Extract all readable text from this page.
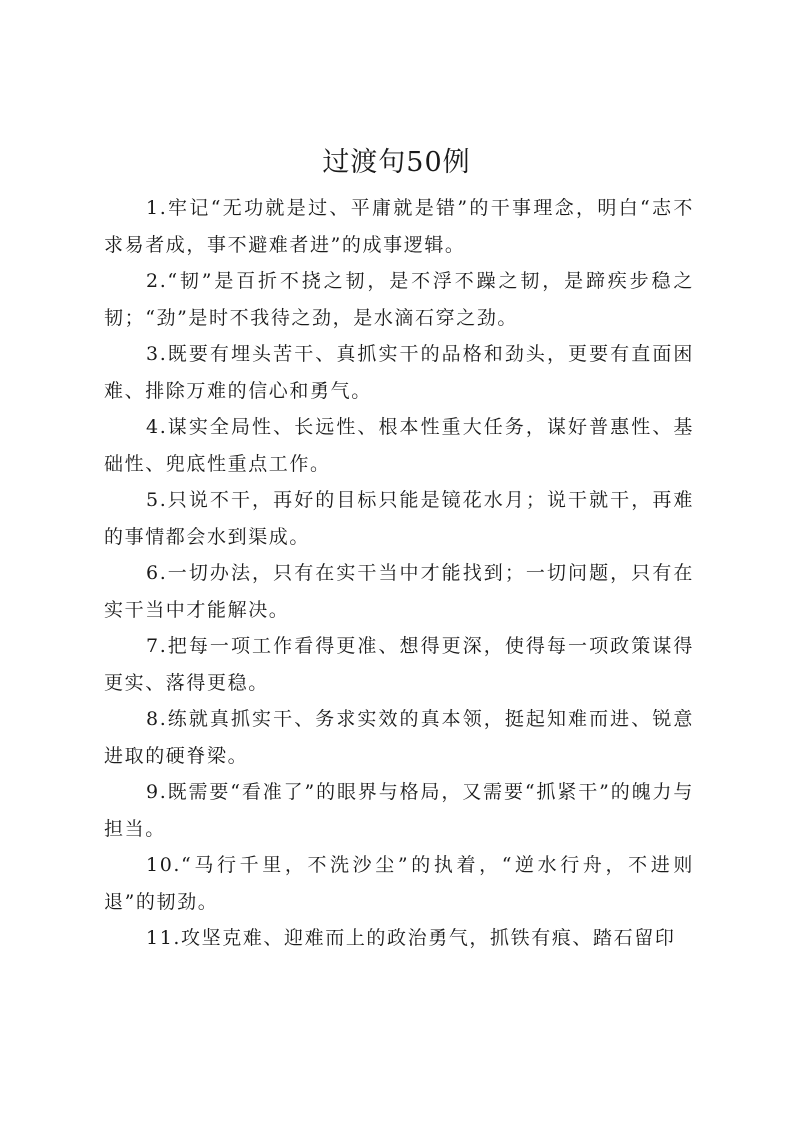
过渡句50例

1.牢记“无功就是过、平庸就是错”的干事理念，明白“志不求易者成，事不避难者进”的成事逻辑。

2.“韧”是百折不挠之韧，是不浮不躁之韧，是蹄疾步稳之韧；“劲”是时不我待之劲，是水滴石穿之劲。

3.既要有埋头苦干、真抓实干的品格和劲头，更要有直面困难、排除万难的信心和勇气。

4.谋实全局性、长远性、根本性重大任务，谋好普惠性、基础性、兜底性重点工作。

5.只说不干，再好的目标只能是镜花水月；说干就干，再难的事情都会水到渠成。

6.一切办法，只有在实干当中才能找到；一切问题，只有在实干当中才能解决。

7.把每一项工作看得更准、想得更深，使得每一项政策谋得更实、落得更稳。

8.练就真抓实干、务求实效的真本领，挺起知难而进、锐意进取的硬脊梁。

9.既需要“看准了”的眼界与格局，又需要“抓紧干”的魄力与担当。

10.“马行千里，不洗沙尘”的执着，“逆水行舟，不进则退”的韧劲。

11.攻坚克难、迎难而上的政治勇气，抓铁有痕、踏石留印
